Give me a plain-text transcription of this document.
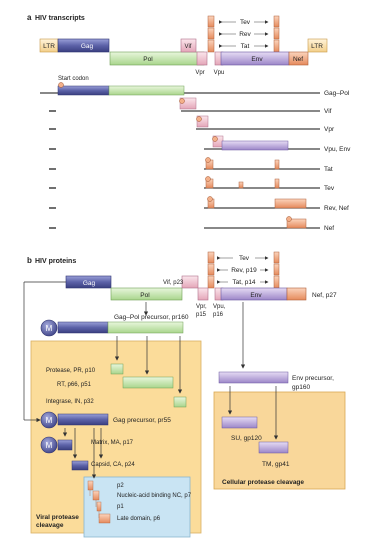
a HIV transcripts
Tev
Rev
Tat
LTR	Gag
Pol
Vif
Vpr Vpu
Env	Nef
LTR
Start codon
Gag–Pol
Vif
Vpr
Vpu, Env
Tat
Tev
Rev, Nef
Nef
b HIV proteins	Tev
Rev, p19
Tat, p14
Gag
Pol
Vif, p23
Env	Nef, p27
Vpr,
p15
Vpu,
p16
Viral protease
cleavage
Cellular protease cleavage
M
Gag–Pol precursor, pr160
Protease, PR, p10
RT, p66, p51
Integrase, IN, p32
M	Gag precursor, pr55
M	Matrix, MA, p17
Capsid, CA, p24
p2
Nucleic-acid binding NC, p7
p1
Late domain, p6
Env precursor,
gp160
SU, gp120
TM, gp41
